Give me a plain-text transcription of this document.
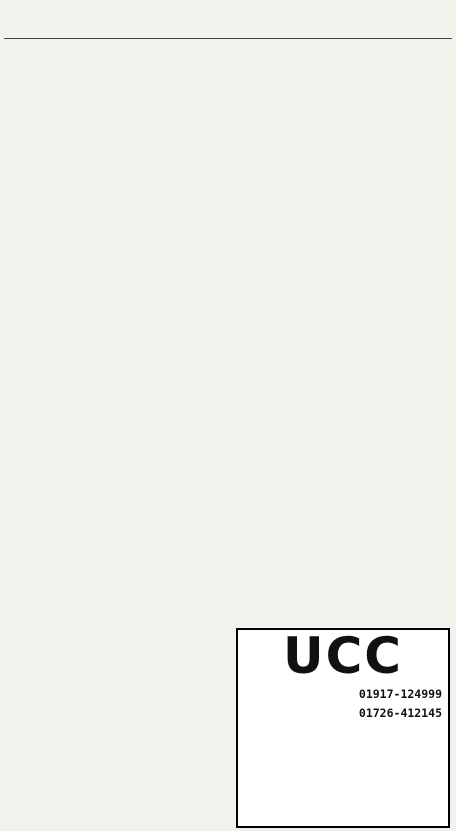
UCC
01917-124999
01726-412145
